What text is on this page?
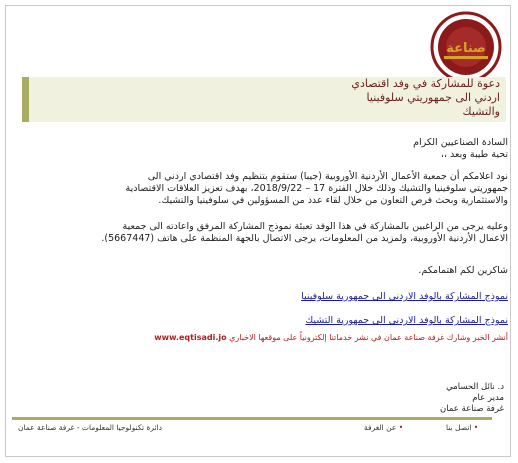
صناعة
دعوة للمشاركة في وفد اقتصادي
اردني الى جمهوريتي سلوفينيا
والتشيك
السادة الصناعيين الكرام
تحية طيبة وبعد ،،
نود اعلامكم أن جمعية الأعمال الأردنية الأوروبية (جيبا) ستقوم بتنظيم وفد اقتصادي اردني الى
جمهوريتي سلوفينيا والتشيك وذلك خلال الفترة 17 – 2018/9/22، بهدف تعزيز العلاقات الاقتصادية
والاستثمارية وبحث فرص التعاون من خلال لقاء عدد من المسؤولين في سلوفينيا والتشيك.
وعليه يرجى من الراغبين بالمشاركة في هذا الوفد تعبئة نموذج المشاركة المرفق واعادته الى جمعية
الاعمال الأردنية الأوروبية، ولمزيد من المعلومات، يرجى الاتصال بالجهة المنظمة على هاتف (5667447).
شاكرين لكم اهتمامكم.
نموذج المشاركة بالوفد الاردني الى جمهورية سلوفينيا
نموذج المشاركة بالوفد الاردني الى جمهورية التشيك
أنشر الخبر وشارك غرفة صناعة عمان في نشر خدماتنا إلكترونياً على موقعها الاخباري www.eqtisadi.jo
د. نائل الحسامي
مدير عام
غرفة صناعة عمان
دائرة تكنولوجيا المعلومات - غرفة صناعة عمان	• عن الغرفة	• اتصل بنا
